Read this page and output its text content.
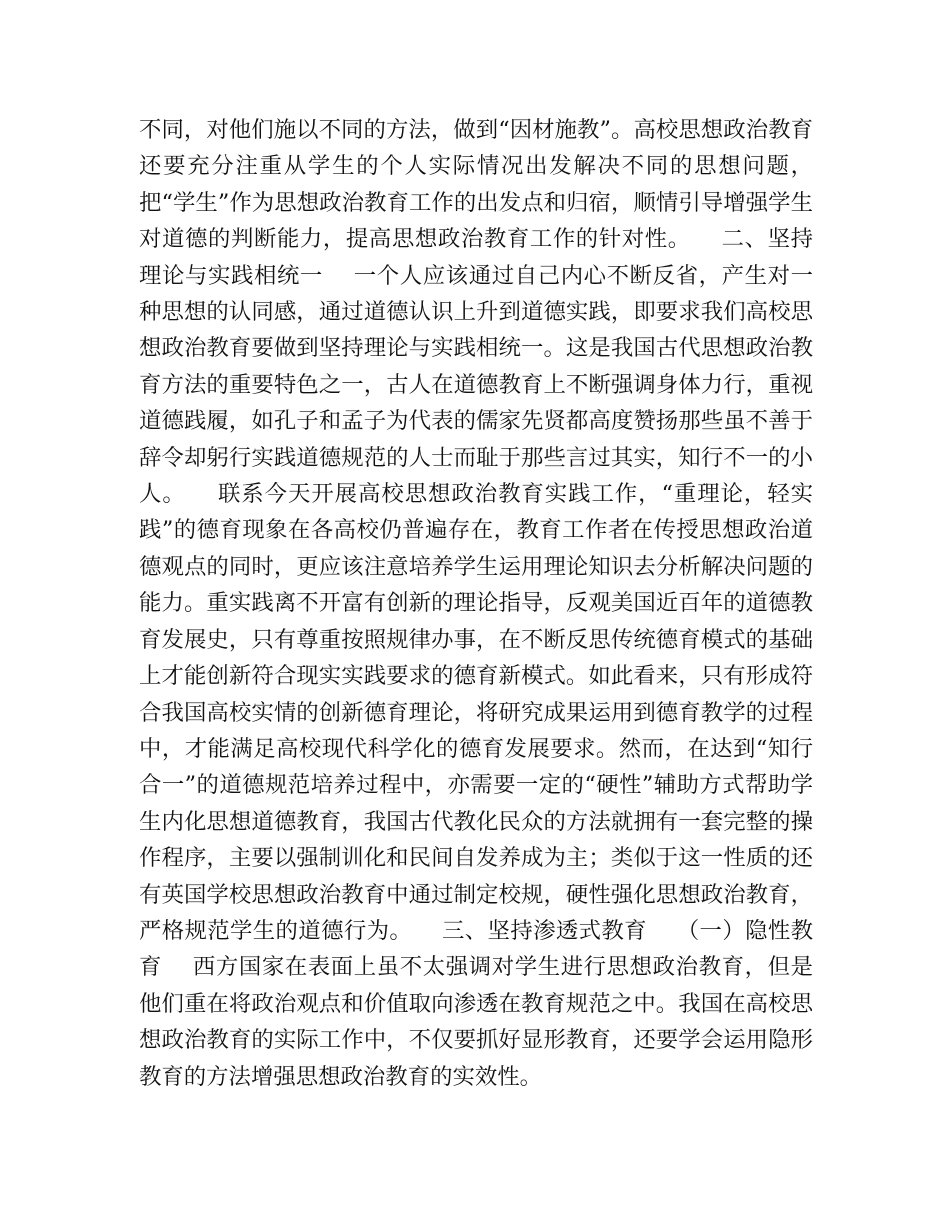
不同，对他们施以不同的方法，做到“因材施教”。高校思想政治教育还要充分注重从学生的个人实际情况出发解决不同的思想问题，把“学生”作为思想政治教育工作的出发点和归宿，顺情引导增强学生对道德的判断能力，提高思想政治教育工作的针对性。    二、坚持理论与实践相统一    一个人应该通过自己内心不断反省，产生对一种思想的认同感，通过道德认识上升到道德实践，即要求我们高校思想政治教育要做到坚持理论与实践相统一。这是我国古代思想政治教育方法的重要特色之一，古人在道德教育上不断强调身体力行，重视道德践履，如孔子和孟子为代表的儒家先贤都高度赞扬那些虽不善于辞令却躬行实践道德规范的人士而耻于那些言过其实，知行不一的小人。    联系今天开展高校思想政治教育实践工作，“重理论，轻实践”的德育现象在各高校仍普遍存在，教育工作者在传授思想政治道德观点的同时，更应该注意培养学生运用理论知识去分析解决问题的能力。重实践离不开富有创新的理论指导，反观美国近百年的道德教育发展史，只有尊重按照规律办事，在不断反思传统德育模式的基础上才能创新符合现实实践要求的德育新模式。如此看来，只有形成符合我国高校实情的创新德育理论，将研究成果运用到德育教学的过程中，才能满足高校现代科学化的德育发展要求。然而，在达到“知行合一”的道德规范培养过程中，亦需要一定的“硬性”辅助方式帮助学生内化思想道德教育，我国古代教化民众的方法就拥有一套完整的操作程序，主要以强制训化和民间自发养成为主；类似于这一性质的还有英国学校思想政治教育中通过制定校规，硬性强化思想政治教育，严格规范学生的道德行为。    三、坚持渗透式教育    （一）隐性教育    西方国家在表面上虽不太强调对学生进行思想政治教育，但是他们重在将政治观点和价值取向渗透在教育规范之中。我国在高校思想政治教育的实际工作中，不仅要抓好显形教育，还要学会运用隐形教育的方法增强思想政治教育的实效性。
